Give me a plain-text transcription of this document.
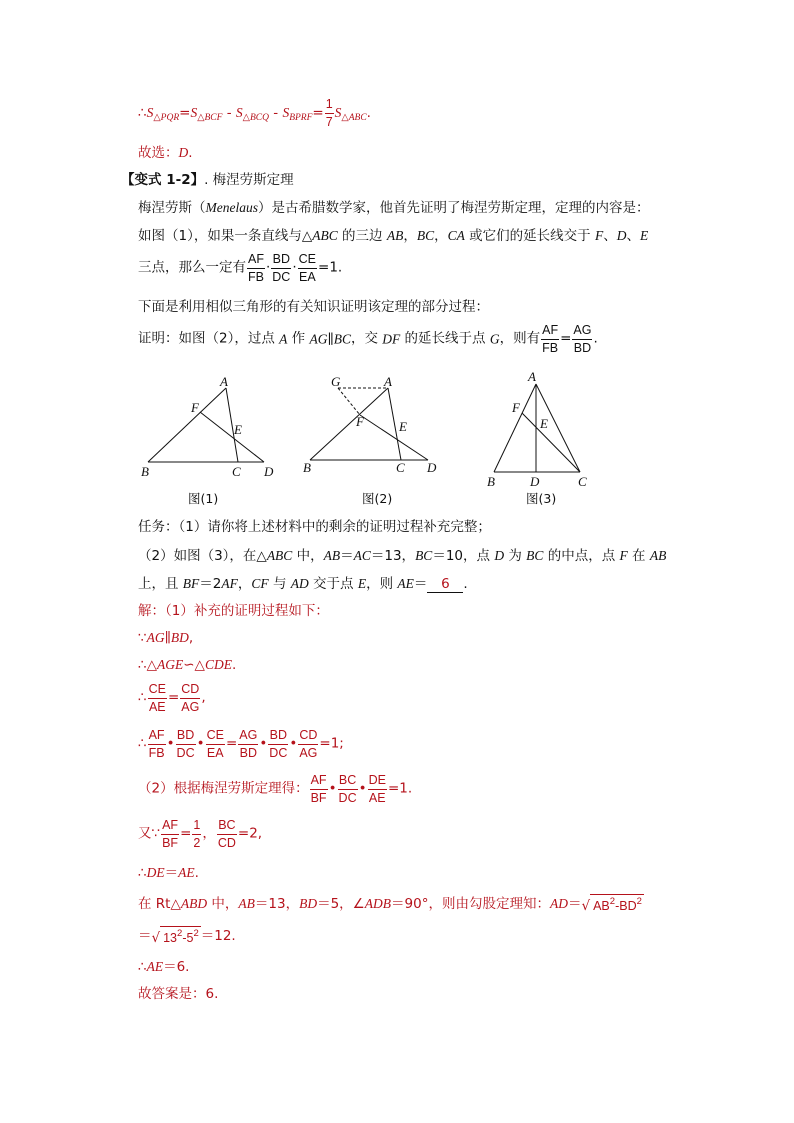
$\therefore S_{\triangle PQR}=S_{\triangle BCF} - S_{\triangle BCQ} - S_{BPRF}= \frac{1}{7} S_{\triangle ABC}$.
故选：D.
【变式 1-2】. 梅涅劳斯定理
梅涅劳斯（Menelaus）是古希腊数学家，他首先证明了梅涅劳斯定理，定理的内容是：
如图（1），如果一条直线与△ABC 的三边 AB，BC，CA 或它们的延长线交于 F、D、E
三点，那么一定有 $\frac{AF}{FB} \cdot \frac{BD}{DC} \cdot \frac{CE}{EA} =1$.
下面是利用相似三角形的有关知识证明该定理的部分过程：
证明：如图（2），过点 A 作 AG∥BC，交 DF 的延长线于点 G，则有 $\frac{AF}{FB} = \frac{AG}{BD}$ .
A
B	C D
E
F
图(1)
G	A
B	C D
E
F
图(2)
A
B	D	C
E
F
图(3)
任务：（1）请你将上述材料中的剩余的证明过程补充完整；
（2）如图（3），在△ABC 中，AB＝AC＝13，BC＝10，点 D 为 BC 的中点，点 F 在 AB
上，且 BF＝2AF，CF 与 AD 交于点 E，则 AE＝ 6 .
解：（1）补充的证明过程如下：
∵AG∥BD,
∴△AGE∽△CDE.
∴ $\frac{CE}{AE} = \frac{CD}{AG}$ ,
∴ $\frac{AF}{FB}$ • $\frac{BD}{DC}$ • $\frac{CE}{EA} = \frac{AG}{BD}$ • $\frac{BD}{DC}$ • $\frac{CD}{AG} =1$;
（2）根据梅涅劳斯定理得： $\frac{AF}{BF}$ • $\frac{BC}{DC}$ • $\frac{DE}{AE} =1$.
又∵ $\frac{AF}{BF} = \frac{1}{2}$ ， $\frac{BC}{CD} =2$,
∴DE＝AE.
在 Rt△ABD 中，AB＝13，BD＝5，∠ADB＝90°，则由勾股定理知：AD＝√ $AB^2-BD^2$
＝√ $13^2-5^2 =12$.
∴AE＝6.
故答案是：6.
